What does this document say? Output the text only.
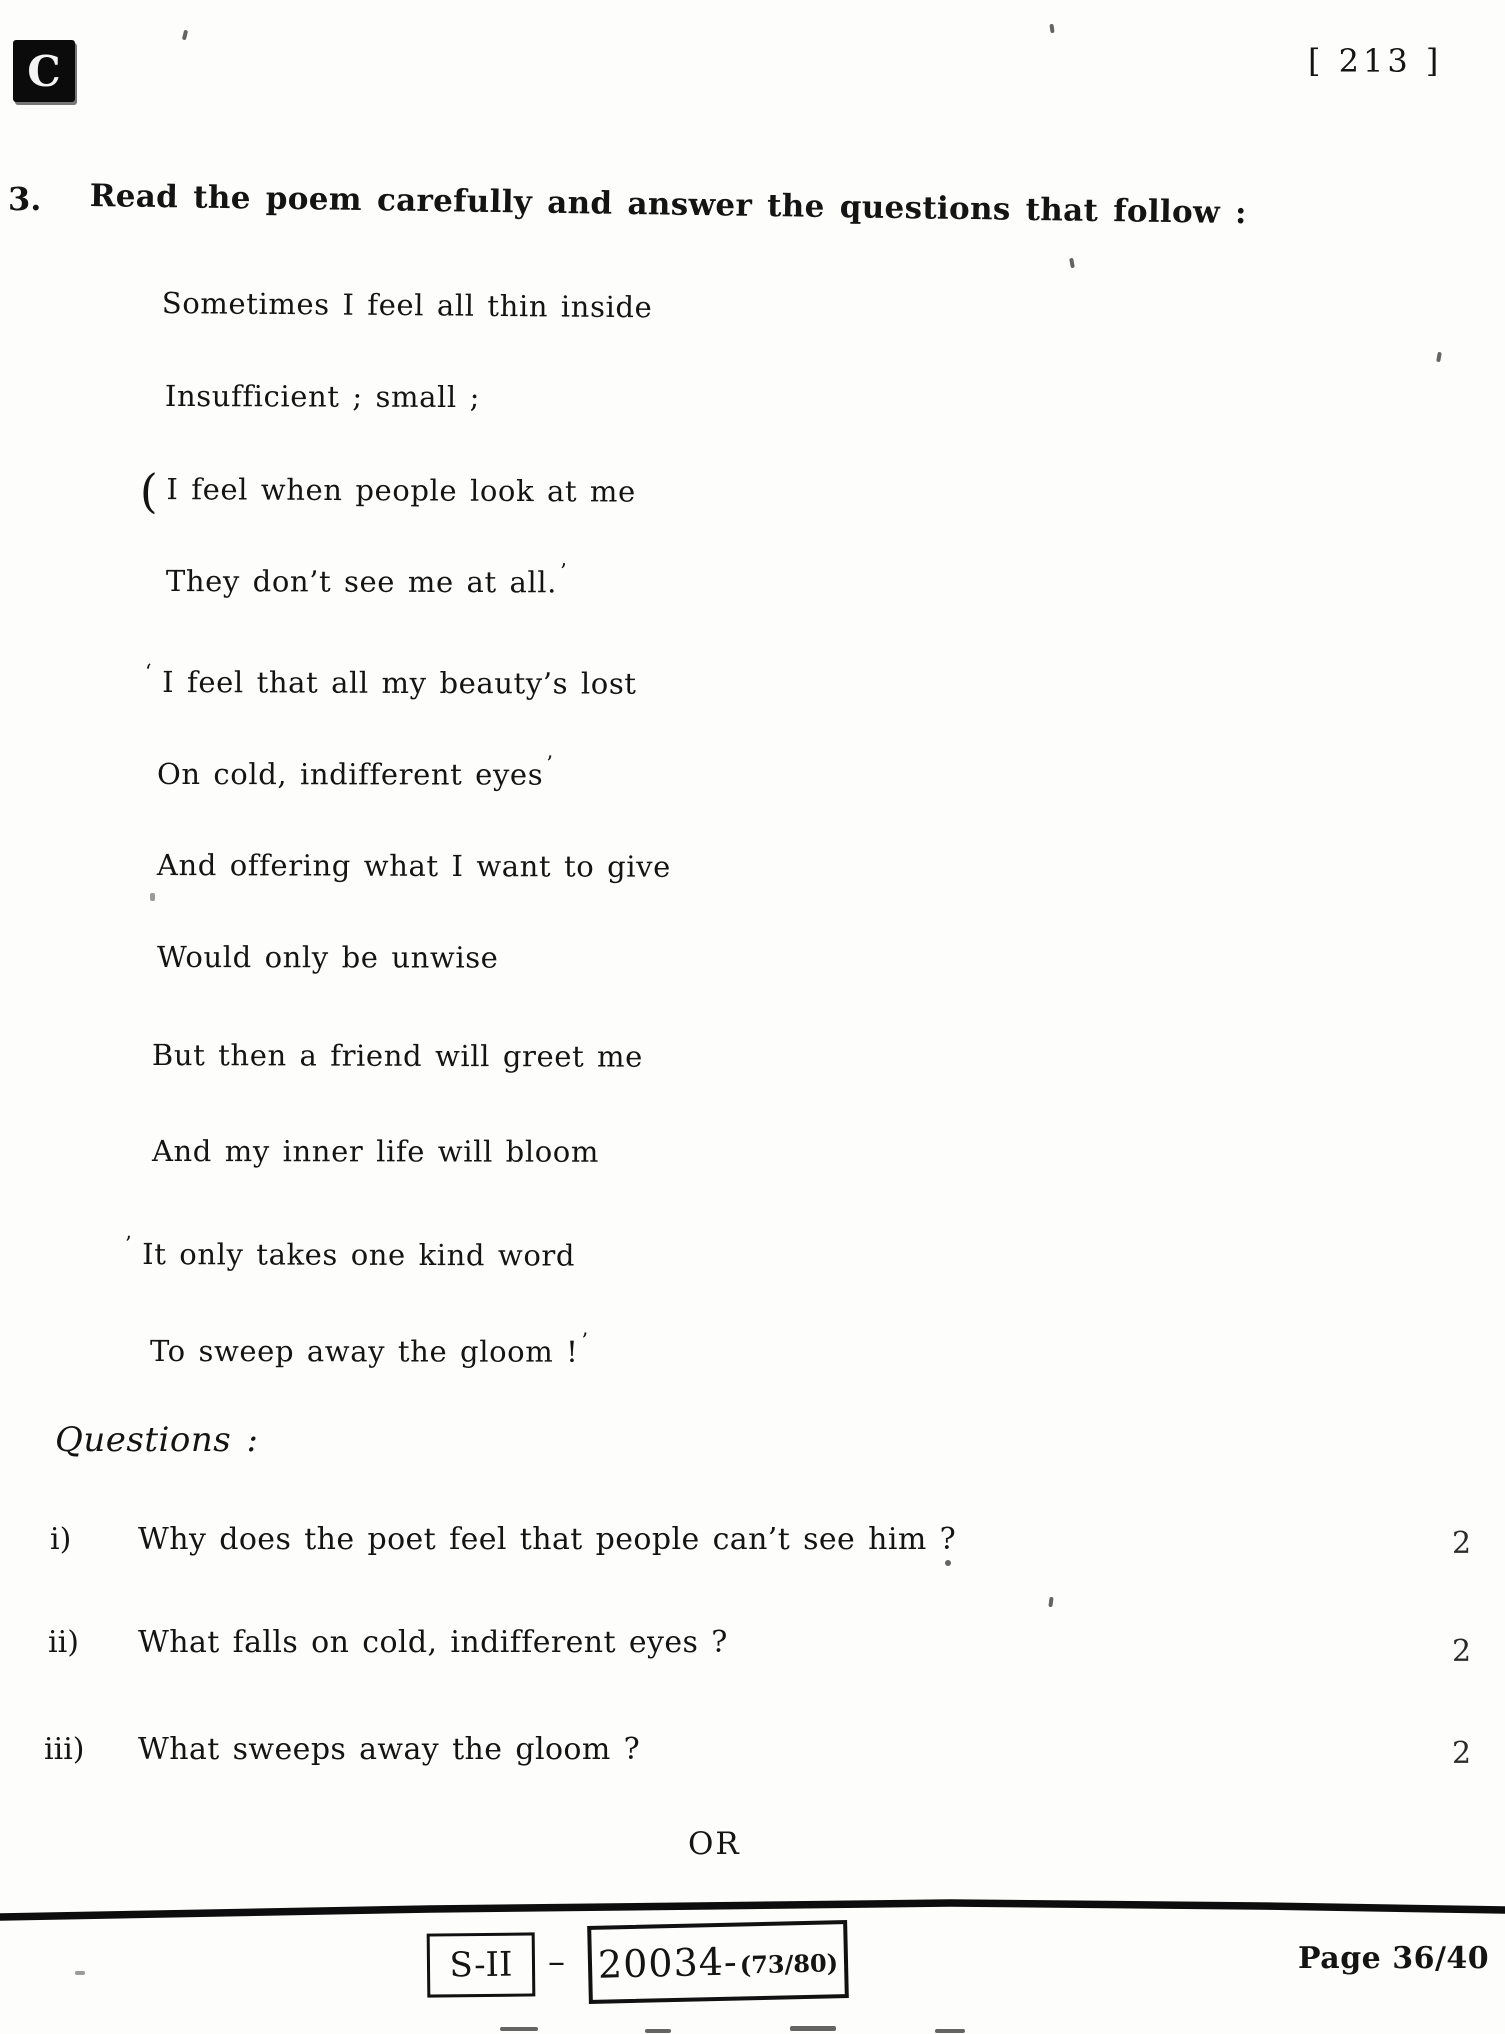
C	[ 213 ]
3. Read the poem carefully and answer the questions that follow :
Sometimes I feel all thin inside
Insufficient ; small ;
( I feel when people look at me
They don’t see me at all. ’
‘ I feel that all my beauty’s lost
On cold, indifferent eyes ’
And offering what I want to give
Would only be unwise
But then a friend will greet me
And my inner life will bloom
’ It only takes one kind word
To sweep away the gloom ! ’
Questions :
i) Why does the poet feel that people can’t see him ?	2
ii) What falls on cold, indifferent eyes ?	2
iii) What sweeps away the gloom ?	2
OR
S-II – 20034- (73/80)	Page 36/40
